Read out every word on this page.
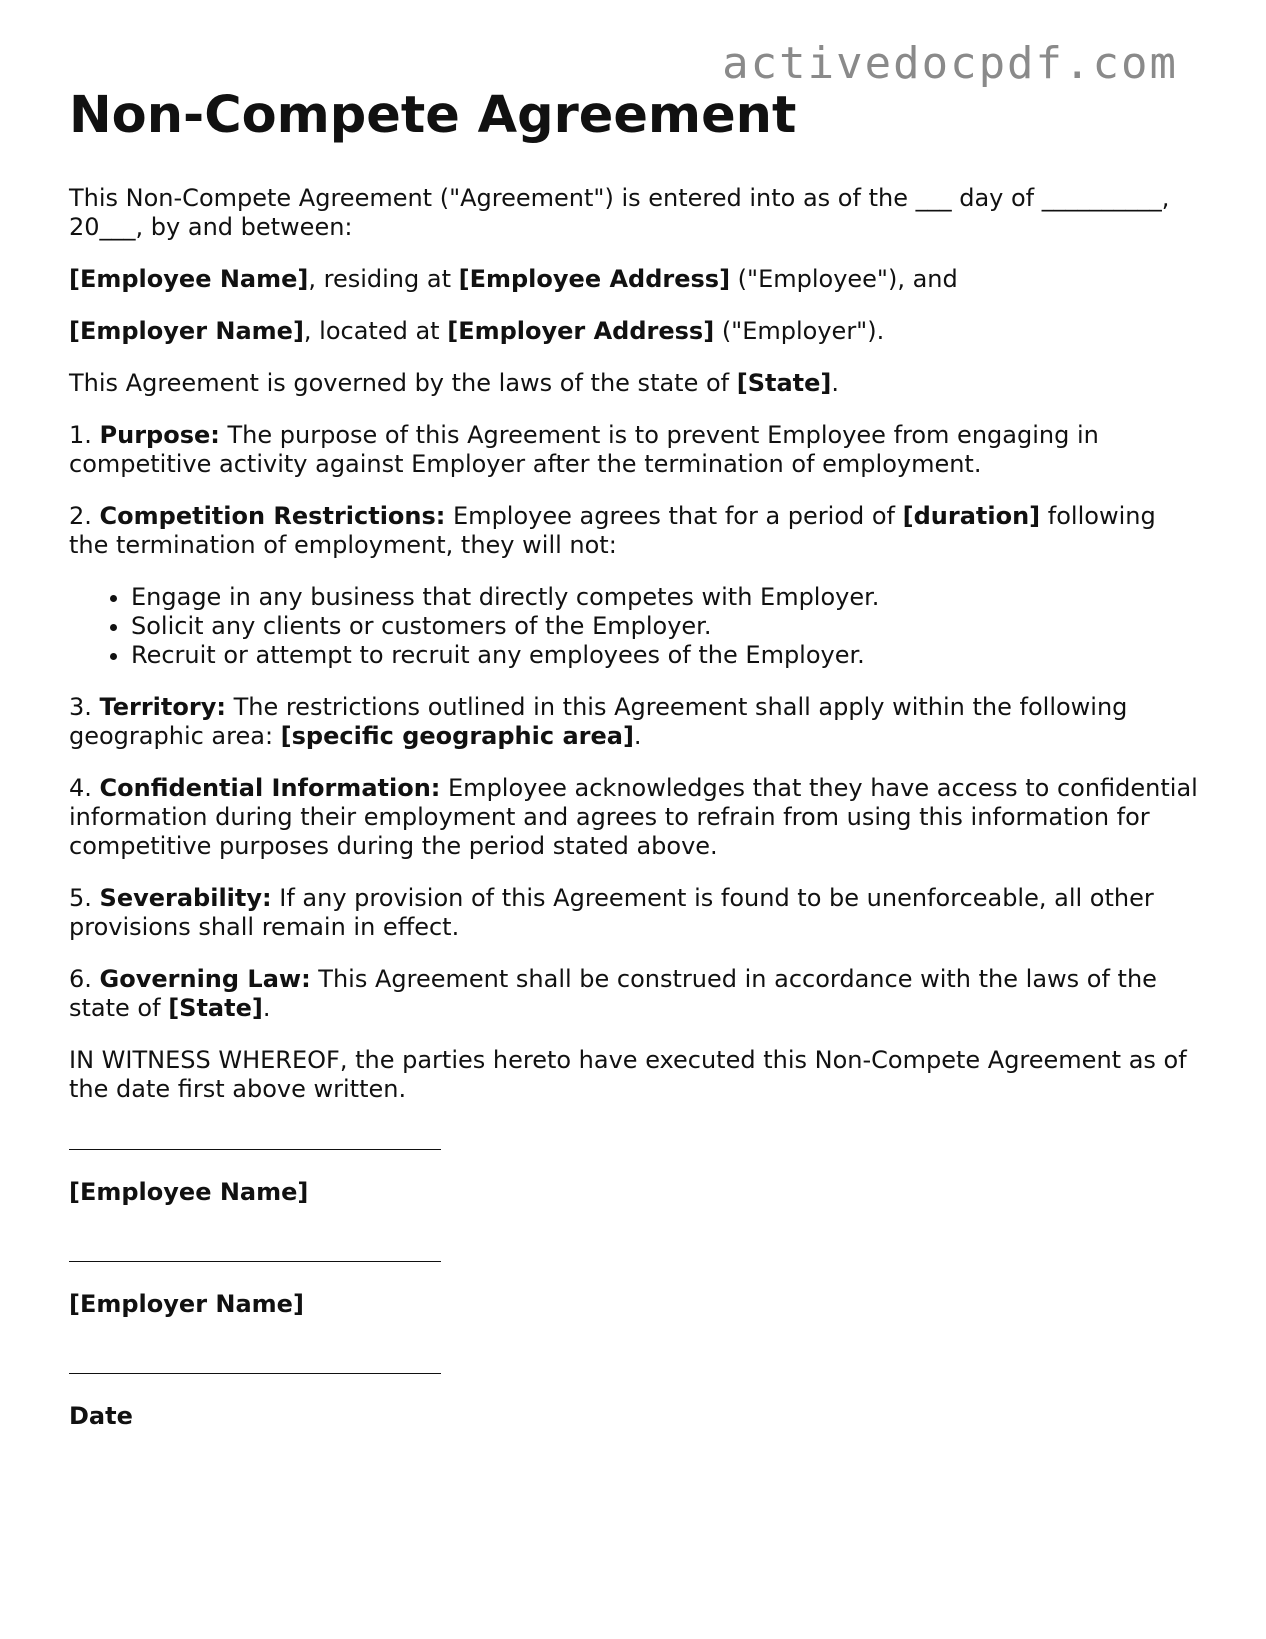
activedocpdf.com
Non-Compete Agreement

This Non-Compete Agreement ("Agreement") is entered into as of the ___ day of __________, 20___, by and between:

[Employee Name], residing at [Employee Address] ("Employee"), and

[Employer Name], located at [Employer Address] ("Employer").

This Agreement is governed by the laws of the state of [State].

1. Purpose: The purpose of this Agreement is to prevent Employee from engaging in competitive activity against Employer after the termination of employment.

2. Competition Restrictions: Employee agrees that for a period of [duration] following the termination of employment, they will not:

• Engage in any business that directly competes with Employer.
• Solicit any clients or customers of the Employer.
• Recruit or attempt to recruit any employees of the Employer.

3. Territory: The restrictions outlined in this Agreement shall apply within the following geographic area: [specific geographic area].

4. Confidential Information: Employee acknowledges that they have access to confidential information during their employment and agrees to refrain from using this information for competitive purposes during the period stated above.

5. Severability: If any provision of this Agreement is found to be unenforceable, all other provisions shall remain in effect.

6. Governing Law: This Agreement shall be construed in accordance with the laws of the state of [State].

IN WITNESS WHEREOF, the parties hereto have executed this Non-Compete Agreement as of the date first above written.

[Employee Name]
[Employer Name]
Date
